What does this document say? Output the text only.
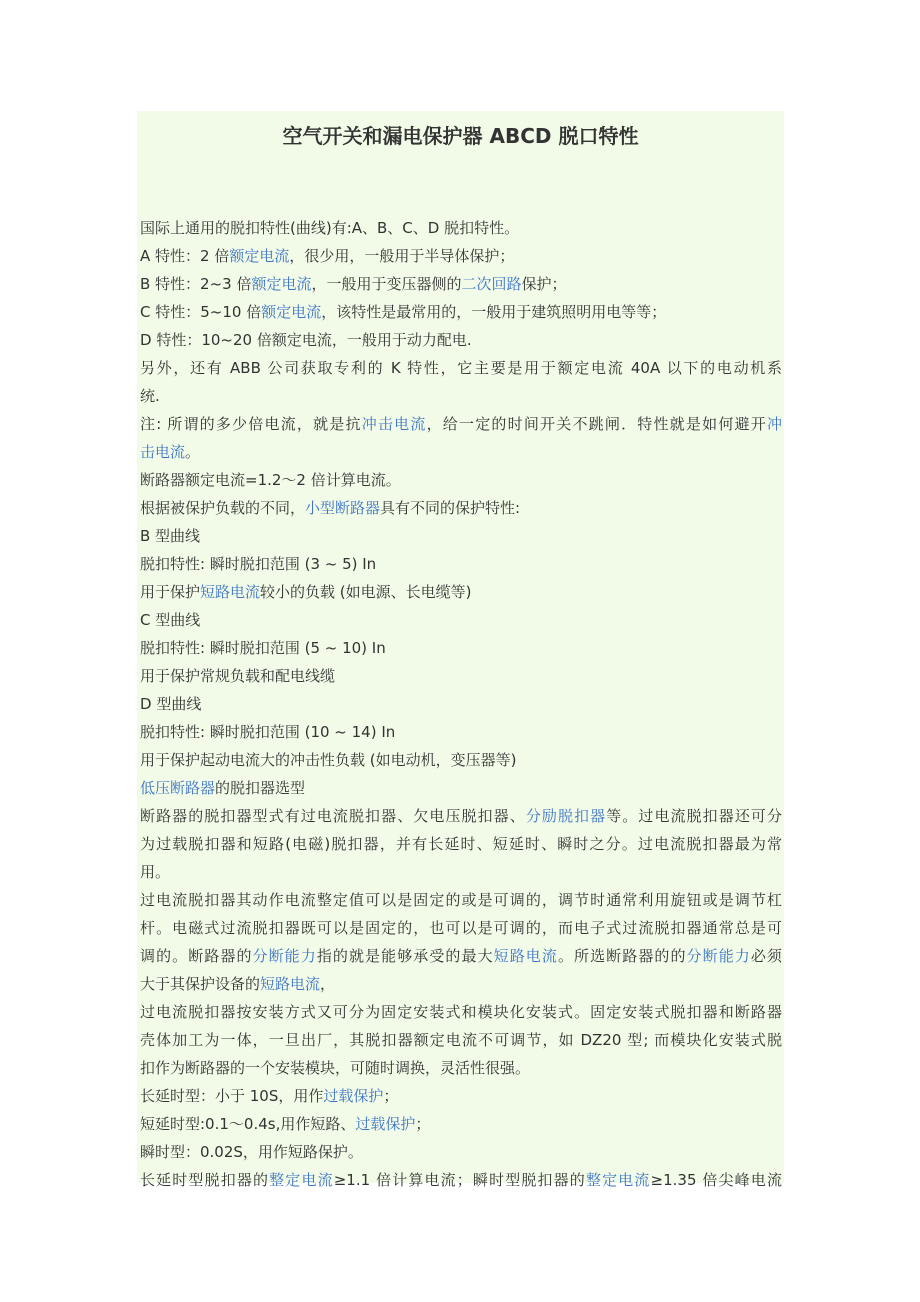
空气开关和漏电保护器 ABCD 脱口特性
国际上通用的脱扣特性(曲线)有:A、B、C、D 脱扣特性。
A 特性：2 倍额定电流，很少用，一般用于半导体保护；
B 特性：2~3 倍额定电流，一般用于变压器侧的二次回路保护；
C 特性：5~10 倍额定电流，该特性是最常用的，一般用于建筑照明用电等等；
D 特性：10~20 倍额定电流，一般用于动力配电.
另外，还有 ABB 公司获取专利的 K 特性，它主要是用于额定电流 40A 以下的电动机系
统.
注: 所谓的多少倍电流，就是抗冲击电流，给一定的时间开关不跳闸．特性就是如何避开冲
击电流。
断路器额定电流=1.2～2 倍计算电流。
根据被保护负载的不同，小型断路器具有不同的保护特性:
B 型曲线
脱扣特性: 瞬时脱扣范围 (3 ~ 5) In
用于保护短路电流较小的负载 (如电源、长电缆等)
C 型曲线
脱扣特性: 瞬时脱扣范围 (5 ~ 10) In
用于保护常规负载和配电线缆
D 型曲线
脱扣特性: 瞬时脱扣范围 (10 ~ 14) In
用于保护起动电流大的冲击性负载 (如电动机，变压器等)
低压断路器的脱扣器选型
断路器的脱扣器型式有过电流脱扣器、欠电压脱扣器、分励脱扣器等。过电流脱扣器还可分
为过载脱扣器和短路(电磁)脱扣器，并有长延时、短延时、瞬时之分。过电流脱扣器最为常
用。
过电流脱扣器其动作电流整定值可以是固定的或是可调的，调节时通常利用旋钮或是调节杠
杆。电磁式过流脱扣器既可以是固定的，也可以是可调的，而电子式过流脱扣器通常总是可
调的。断路器的分断能力指的就是能够承受的最大短路电流。所选断路器的的分断能力必须
大于其保护设备的短路电流，
过电流脱扣器按安装方式又可分为固定安装式和模块化安装式。固定安装式脱扣器和断路器
壳体加工为一体，一旦出厂，其脱扣器额定电流不可调节，如 DZ20 型; 而模块化安装式脱
扣作为断路器的一个安装模块，可随时调换，灵活性很强。
长延时型：小于 10S，用作过载保护；
短延时型:0.1～0.4s,用作短路、过载保护；
瞬时型：0.02S，用作短路保护。
长延时型脱扣器的整定电流≥1.1 倍计算电流；瞬时型脱扣器的整定电流≥1.35 倍尖峰电流
